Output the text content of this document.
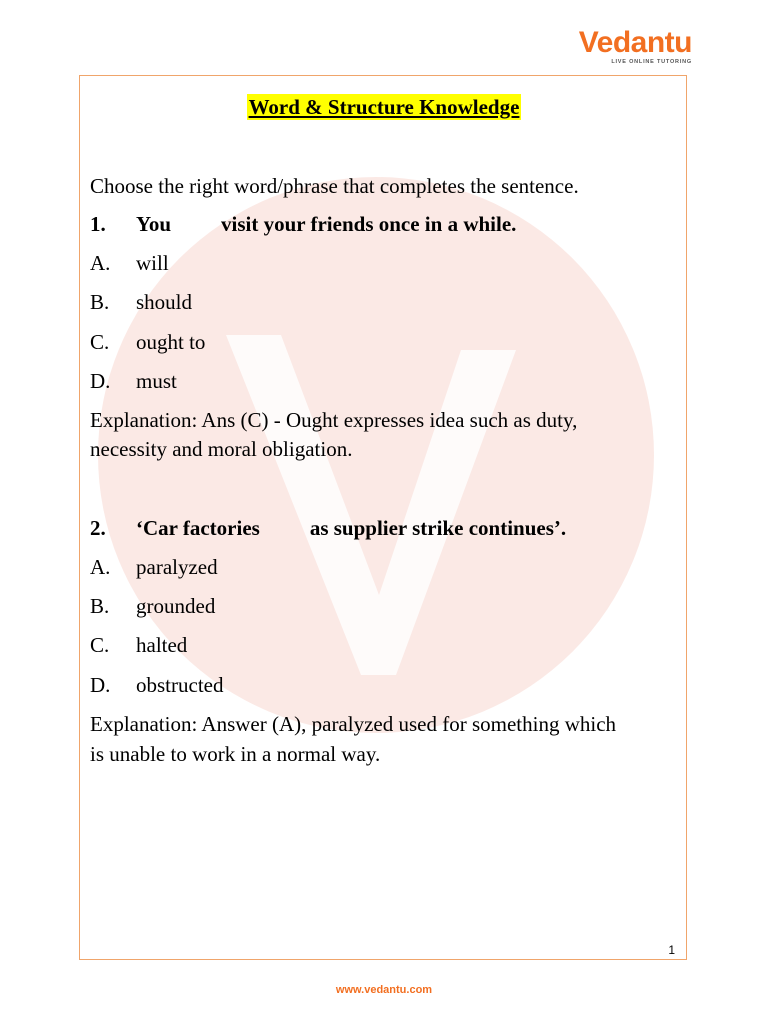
Vedantu
LIVE ONLINE TUTORING
Word & Structure Knowledge
Choose the right word/phrase that completes the sentence.
1. You visit your friends once in a while.
A. will
B. should
C. ought to
D. must
Explanation: Ans (C) - Ought expresses idea such as duty,
necessity and moral obligation.
2. ‘Car factories as supplier strike continues’.
A. paralyzed
B. grounded
C. halted
D. obstructed
Explanation: Answer (A), paralyzed used for something which
is unable to work in a normal way.
1
www.vedantu.com
